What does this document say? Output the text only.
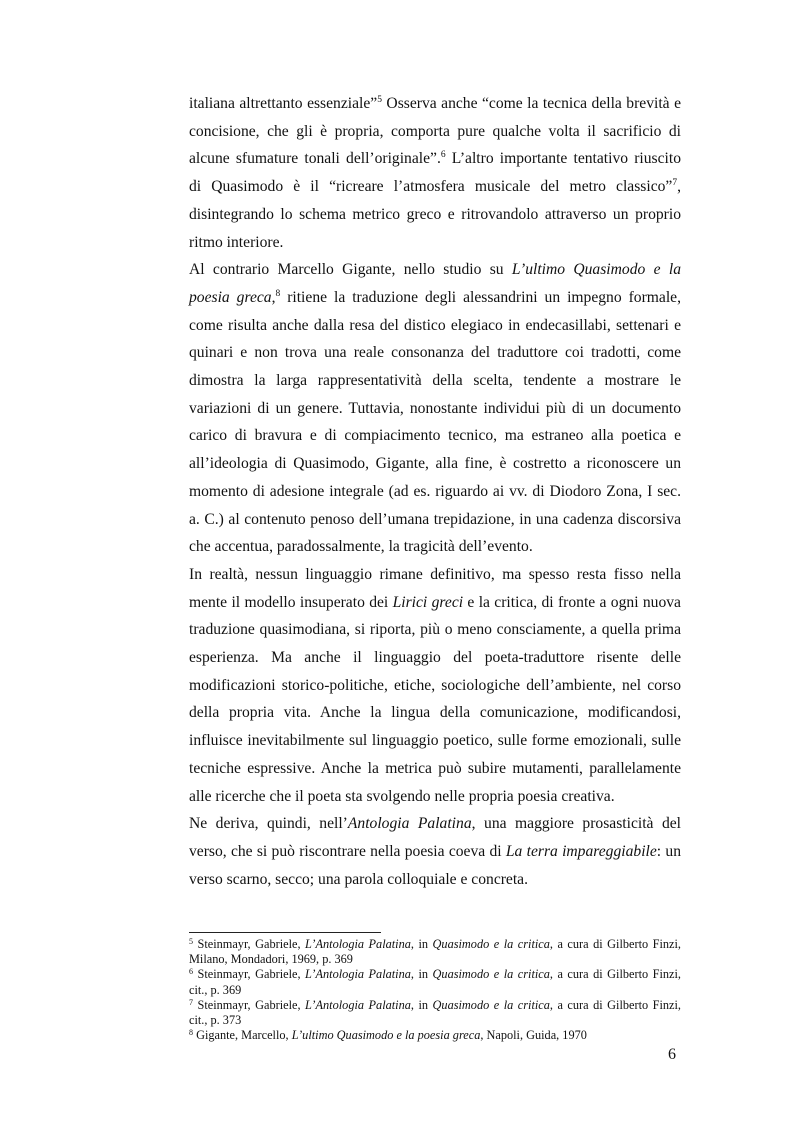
italiana altrettanto essenziale”$^5$ Osserva anche “come la tecnica della brevità e concisione, che gli è propria, comporta pure qualche volta il sacrificio di alcune sfumature tonali dell’originale”.$^6$ L’altro importante tentativo riuscito di Quasimodo è il “ricreare l’atmosfera musicale del metro classico”$^7$, disintegrando lo schema metrico greco e ritrovandolo attraverso un proprio ritmo interiore.

Al contrario Marcello Gigante, nello studio su L’ultimo Quasimodo e la poesia greca,$^8$ ritiene la traduzione degli alessandrini un impegno formale, come risulta anche dalla resa del distico elegiaco in endecasillabi, settenari e quinari e non trova una reale consonanza del traduttore coi tradotti, come dimostra la larga rappresentatività della scelta, tendente a mostrare le variazioni di un genere. Tuttavia, nonostante individui più di un documento carico di bravura e di compiacimento tecnico, ma estraneo alla poetica e all’ideologia di Quasimodo, Gigante, alla fine, è costretto a riconoscere un momento di adesione integrale (ad es. riguardo ai vv. di Diodoro Zona, I sec. a. C.) al contenuto penoso dell’umana trepidazione, in una cadenza discorsiva che accentua, paradossalmente, la tragicità dell’evento.

In realtà, nessun linguaggio rimane definitivo, ma spesso resta fisso nella mente il modello insuperato dei Lirici greci e la critica, di fronte a ogni nuova traduzione quasimodiana, si riporta, più o meno consciamente, a quella prima esperienza. Ma anche il linguaggio del poeta-traduttore risente delle modificazioni storico-politiche, etiche, sociologiche dell’ambiente, nel corso della propria vita. Anche la lingua della comunicazione, modificandosi, influisce inevitabilmente sul linguaggio poetico, sulle forme emozionali, sulle tecniche espressive. Anche la metrica può subire mutamenti, parallelamente alle ricerche che il poeta sta svolgendo nelle propria poesia creativa.

Ne deriva, quindi, nell’Antologia Palatina, una maggiore prosasticità del verso, che si può riscontrare nella poesia coeva di La terra impareggiabile: un verso scarno, secco; una parola colloquiale e concreta.

$^5$ Steinmayr, Gabriele, L’Antologia Palatina, in Quasimodo e la critica, a cura di Gilberto Finzi, Milano, Mondadori, 1969, p. 369

$^6$ Steinmayr, Gabriele, L’Antologia Palatina, in Quasimodo e la critica, a cura di Gilberto Finzi, cit., p. 369

$^7$ Steinmayr, Gabriele, L’Antologia Palatina, in Quasimodo e la critica, a cura di Gilberto Finzi, cit., p. 373

$^8$ Gigante, Marcello, L’ultimo Quasimodo e la poesia greca, Napoli, Guida, 1970

6
